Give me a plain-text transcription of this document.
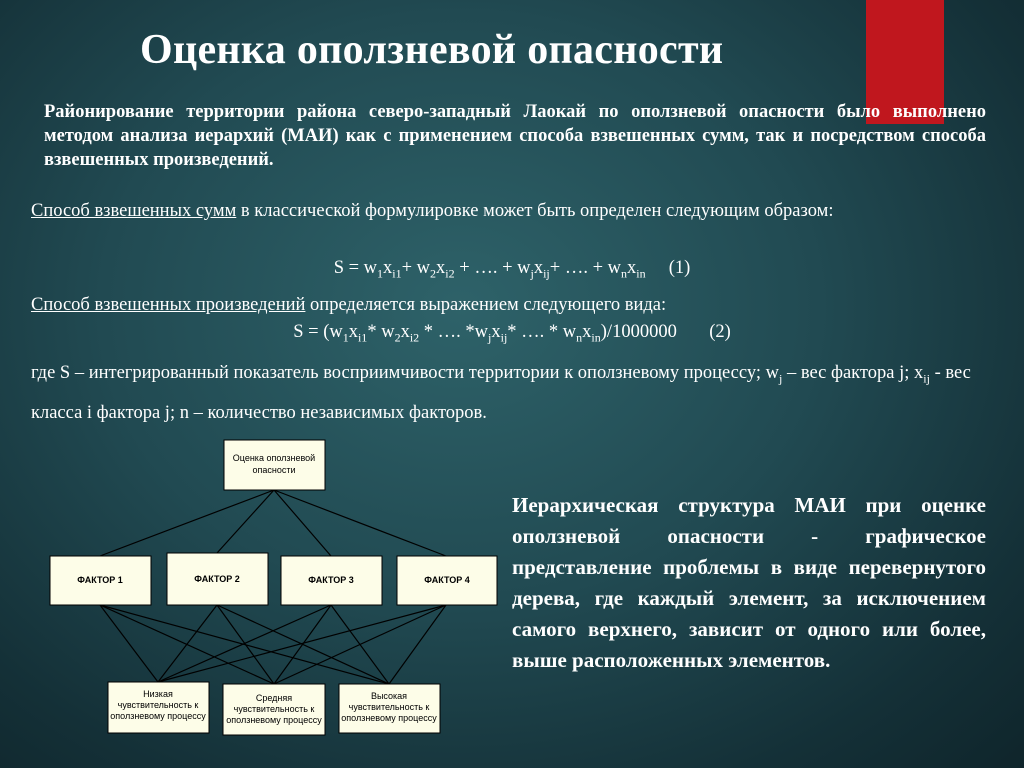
Оценка оползневой опасности
Районирование территории района северо-западный Лаокай по оползневой опасности было выполнено методом анализа иерархий (МАИ) как с применением способа взвешенных сумм, так и посредством способа взвешенных произведений.
Способ взвешенных сумм в классической формулировке может быть определен следующим образом:
$S = w_1x_{i1}+ w_2x_{i2}$ + …. + $w_jx_{ij}+$ …. + $w_nx_{in}$ (1)
Способ взвешенных произведений определяется выражением следующего вида:
$S = (w_1x_{i1}*$ $w_2x_{i2}$ * …. $*w_jx_{ij}*$ …. * $w_nx_{in})/1000000$       (2)
где S – интегрированный показатель восприимчивости территории к оползневому процессу; $w_j$ – вес фактора j; $x_{ij}$ - вес класса i фактора j; n – количество независимых факторов.
Оценка оползневой
опасности
ФАКТОР 1	ФАКТОР 2	ФАКТОР 3	ФАКТОР 4
Низкая
чувствительность к
оползневому процессу
Средняя
чувствительность к
оползневому процессу
Высокая
чувствительность к
оползневому процессу
Иерархическая структура МАИ при оценке оползневой опасности - графическое представление проблемы в виде перевернутого дерева, где каждый элемент, за исключением самого верхнего, зависит от одного или более, выше расположенных элементов.
